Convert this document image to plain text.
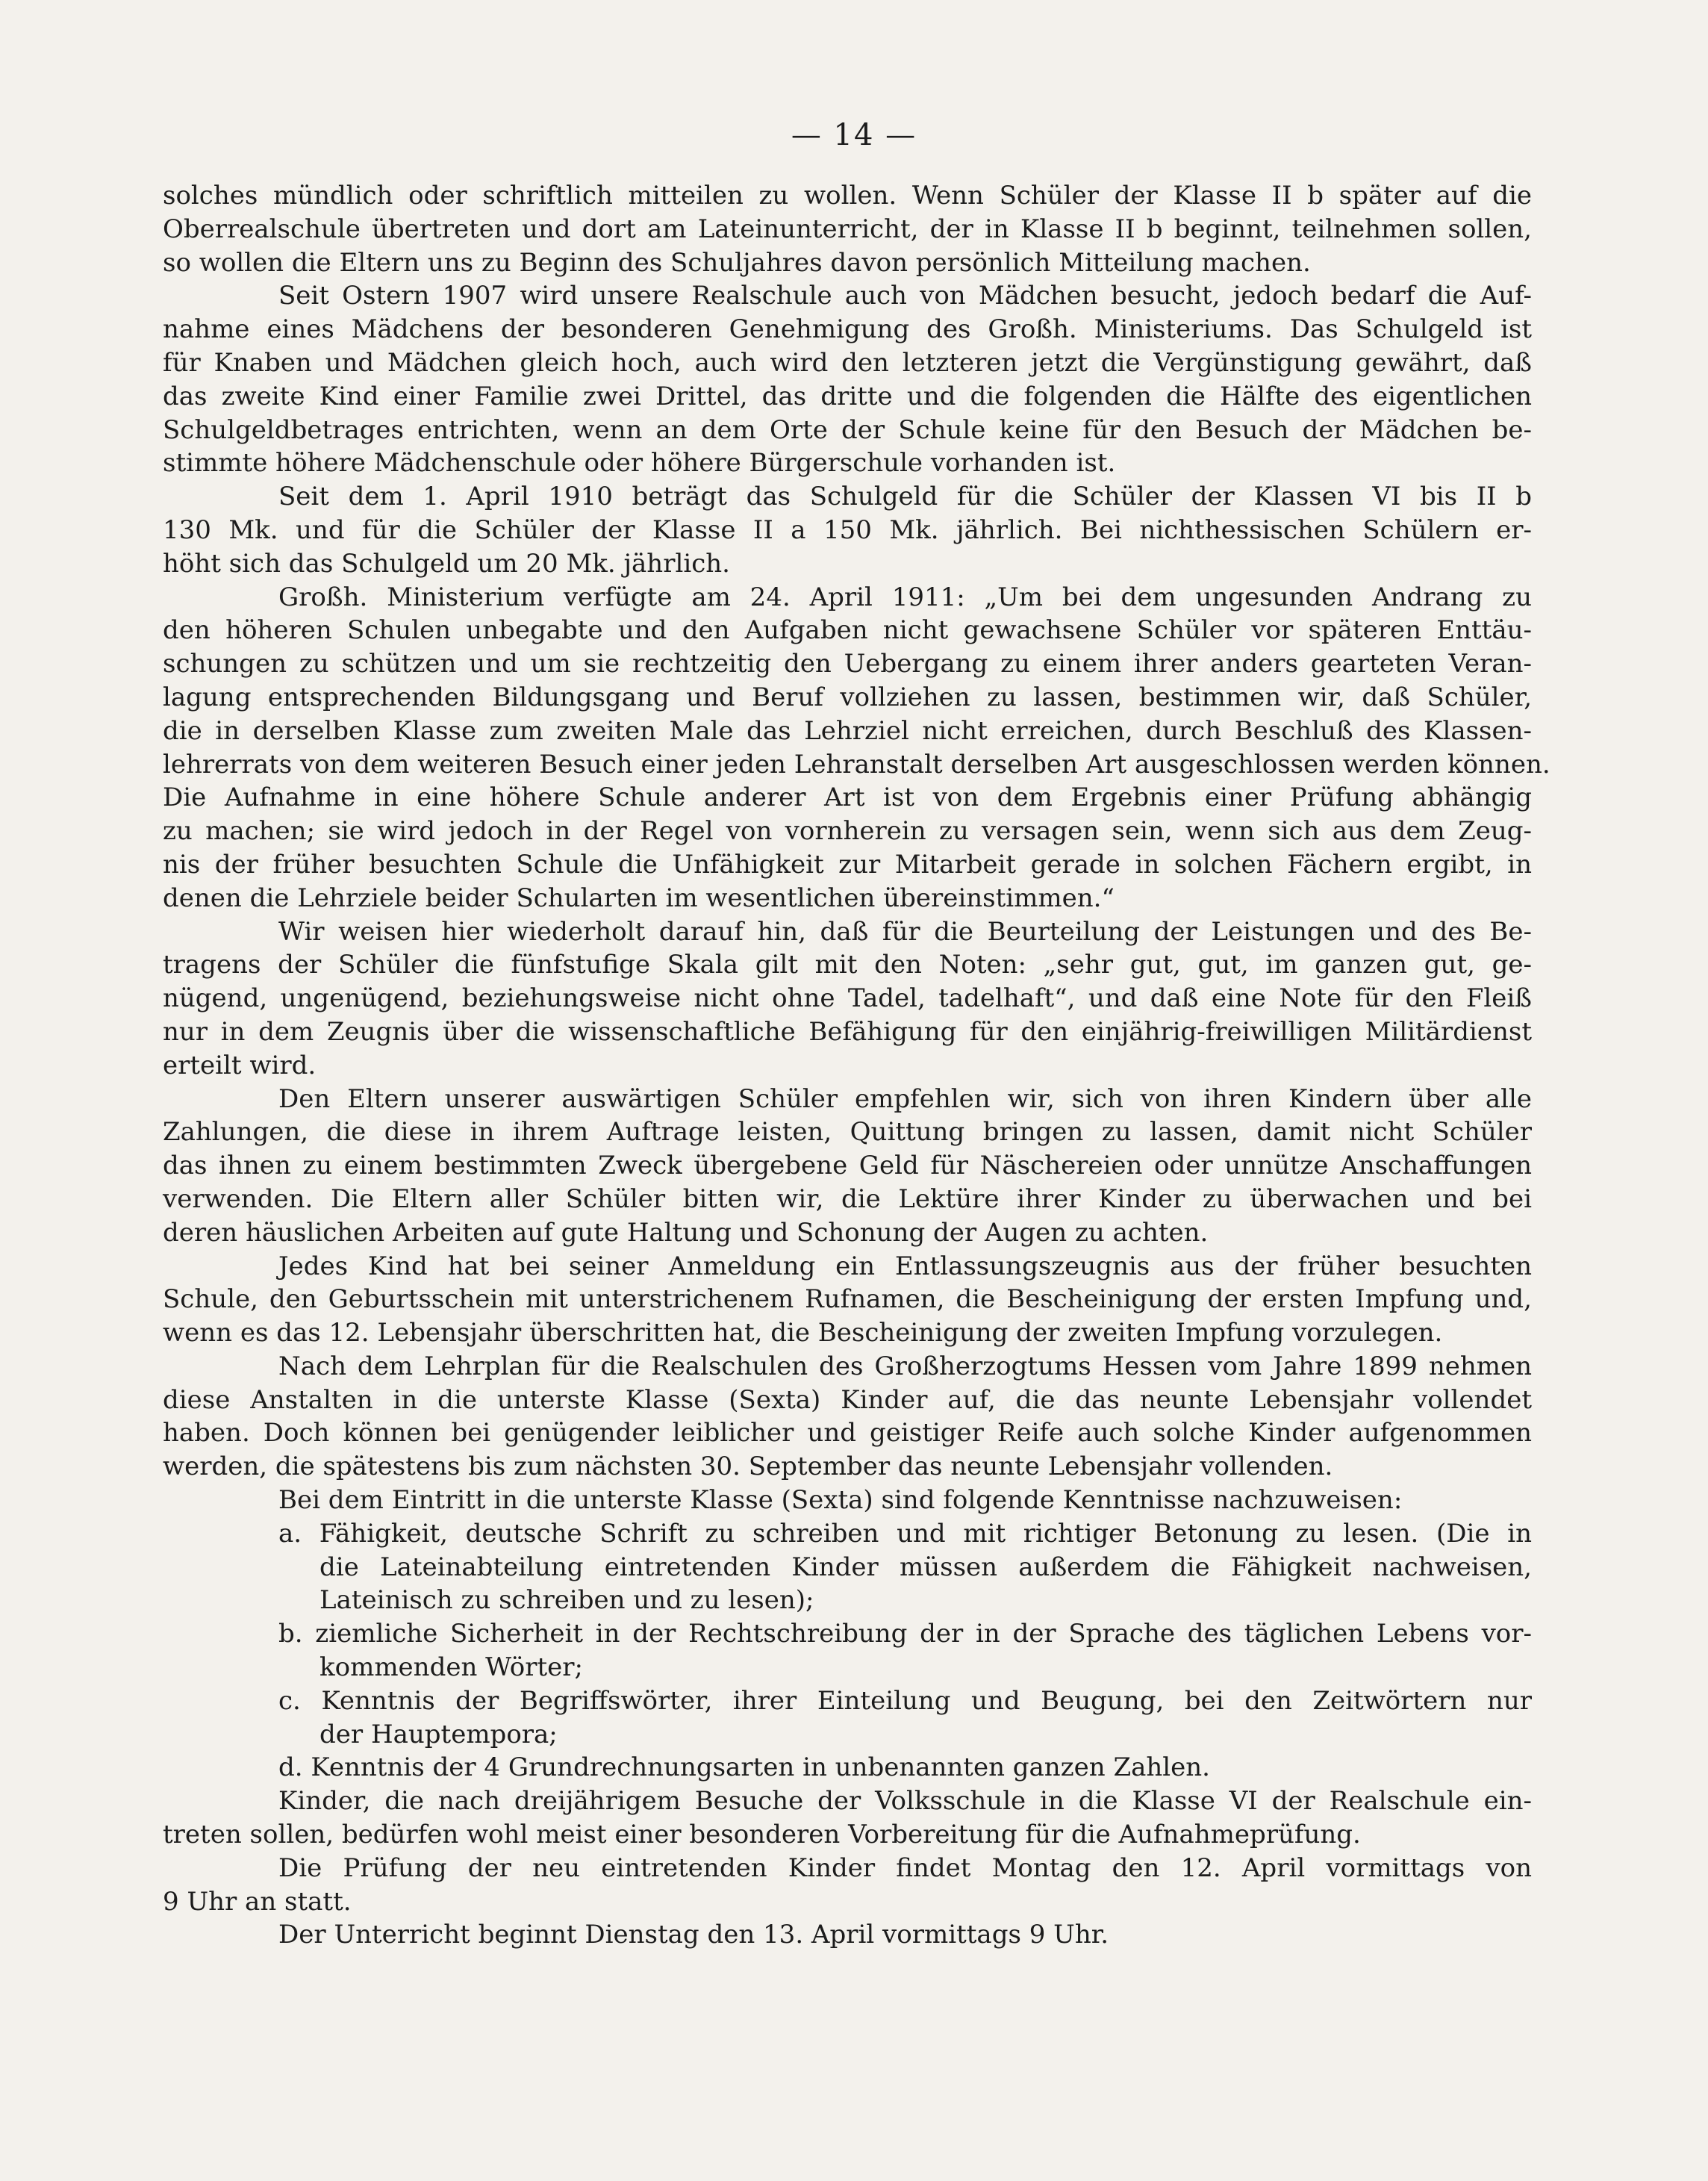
— 14 —
solches mündlich oder schriftlich mitteilen zu wollen. Wenn Schüler der Klasse II b später auf die
Oberrealschule übertreten und dort am Lateinunterricht, der in Klasse II b beginnt, teilnehmen sollen,
so wollen die Eltern uns zu Beginn des Schuljahres davon persönlich Mitteilung machen.
Seit Ostern 1907 wird unsere Realschule auch von Mädchen besucht, jedoch bedarf die Auf-
nahme eines Mädchens der besonderen Genehmigung des Großh. Ministeriums. Das Schulgeld ist
für Knaben und Mädchen gleich hoch, auch wird den letzteren jetzt die Vergünstigung gewährt, daß
das zweite Kind einer Familie zwei Drittel, das dritte und die folgenden die Hälfte des eigentlichen
Schulgeldbetrages entrichten, wenn an dem Orte der Schule keine für den Besuch der Mädchen be-
stimmte höhere Mädchenschule oder höhere Bürgerschule vorhanden ist.
Seit dem 1. April 1910 beträgt das Schulgeld für die Schüler der Klassen VI bis II b
130 Mk. und für die Schüler der Klasse II a 150 Mk. jährlich. Bei nichthessischen Schülern er-
höht sich das Schulgeld um 20 Mk. jährlich.
Großh. Ministerium verfügte am 24. April 1911: „Um bei dem ungesunden Andrang zu
den höheren Schulen unbegabte und den Aufgaben nicht gewachsene Schüler vor späteren Enttäu-
schungen zu schützen und um sie rechtzeitig den Uebergang zu einem ihrer anders gearteten Veran-
lagung entsprechenden Bildungsgang und Beruf vollziehen zu lassen, bestimmen wir, daß Schüler,
die in derselben Klasse zum zweiten Male das Lehrziel nicht erreichen, durch Beschluß des Klassen-
lehrerrats von dem weiteren Besuch einer jeden Lehranstalt derselben Art ausgeschlossen werden können.
Die Aufnahme in eine höhere Schule anderer Art ist von dem Ergebnis einer Prüfung abhängig
zu machen; sie wird jedoch in der Regel von vornherein zu versagen sein, wenn sich aus dem Zeug-
nis der früher besuchten Schule die Unfähigkeit zur Mitarbeit gerade in solchen Fächern ergibt, in
denen die Lehrziele beider Schularten im wesentlichen übereinstimmen.“
Wir weisen hier wiederholt darauf hin, daß für die Beurteilung der Leistungen und des Be-
tragens der Schüler die fünfstufige Skala gilt mit den Noten: „sehr gut, gut, im ganzen gut, ge-
nügend, ungenügend, beziehungsweise nicht ohne Tadel, tadelhaft“, und daß eine Note für den Fleiß
nur in dem Zeugnis über die wissenschaftliche Befähigung für den einjährig-freiwilligen Militärdienst
erteilt wird.
Den Eltern unserer auswärtigen Schüler empfehlen wir, sich von ihren Kindern über alle
Zahlungen, die diese in ihrem Auftrage leisten, Quittung bringen zu lassen, damit nicht Schüler
das ihnen zu einem bestimmten Zweck übergebene Geld für Näschereien oder unnütze Anschaffungen
verwenden. Die Eltern aller Schüler bitten wir, die Lektüre ihrer Kinder zu überwachen und bei
deren häuslichen Arbeiten auf gute Haltung und Schonung der Augen zu achten.
Jedes Kind hat bei seiner Anmeldung ein Entlassungszeugnis aus der früher besuchten
Schule, den Geburtsschein mit unterstrichenem Rufnamen, die Bescheinigung der ersten Impfung und,
wenn es das 12. Lebensjahr überschritten hat, die Bescheinigung der zweiten Impfung vorzulegen.
Nach dem Lehrplan für die Realschulen des Großherzogtums Hessen vom Jahre 1899 nehmen
diese Anstalten in die unterste Klasse (Sexta) Kinder auf, die das neunte Lebensjahr vollendet
haben. Doch können bei genügender leiblicher und geistiger Reife auch solche Kinder aufgenommen
werden, die spätestens bis zum nächsten 30. September das neunte Lebensjahr vollenden.
Bei dem Eintritt in die unterste Klasse (Sexta) sind folgende Kenntnisse nachzuweisen:
a. Fähigkeit, deutsche Schrift zu schreiben und mit richtiger Betonung zu lesen. (Die in
die Lateinabteilung eintretenden Kinder müssen außerdem die Fähigkeit nachweisen,
Lateinisch zu schreiben und zu lesen);
b. ziemliche Sicherheit in der Rechtschreibung der in der Sprache des täglichen Lebens vor-
kommenden Wörter;
c. Kenntnis der Begriffswörter, ihrer Einteilung und Beugung, bei den Zeitwörtern nur
der Hauptempora;
d. Kenntnis der 4 Grundrechnungsarten in unbenannten ganzen Zahlen.
Kinder, die nach dreijährigem Besuche der Volksschule in die Klasse VI der Realschule ein-
treten sollen, bedürfen wohl meist einer besonderen Vorbereitung für die Aufnahmeprüfung.
Die Prüfung der neu eintretenden Kinder findet Montag den 12. April vormittags von
9 Uhr an statt.
Der Unterricht beginnt Dienstag den 13. April vormittags 9 Uhr.
